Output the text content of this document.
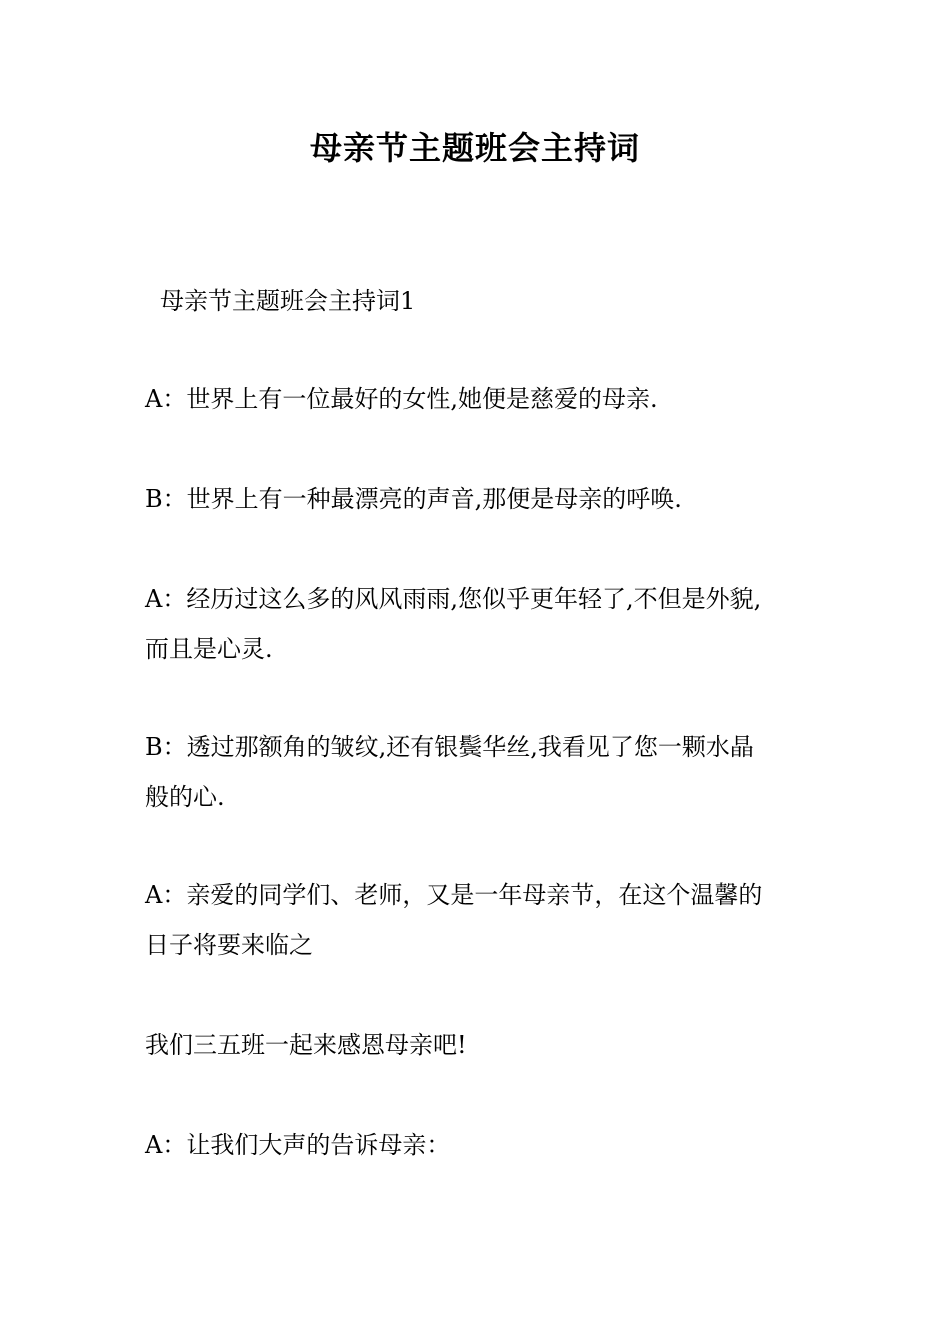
母亲节主题班会主持词
母亲节主题班会主持词1
A：世界上有一位最好的女性,她便是慈爱的母亲.
B：世界上有一种最漂亮的声音,那便是母亲的呼唤.
A：经历过这么多的风风雨雨,您似乎更年轻了,不但是外貌,
而且是心灵.
B：透过那额角的皱纹,还有银鬓华丝,我看见了您一颗水晶
般的心.
A：亲爱的同学们、老师，又是一年母亲节，在这个温馨的
日子将要来临之
我们三五班一起来感恩母亲吧!
A：让我们大声的告诉母亲：
